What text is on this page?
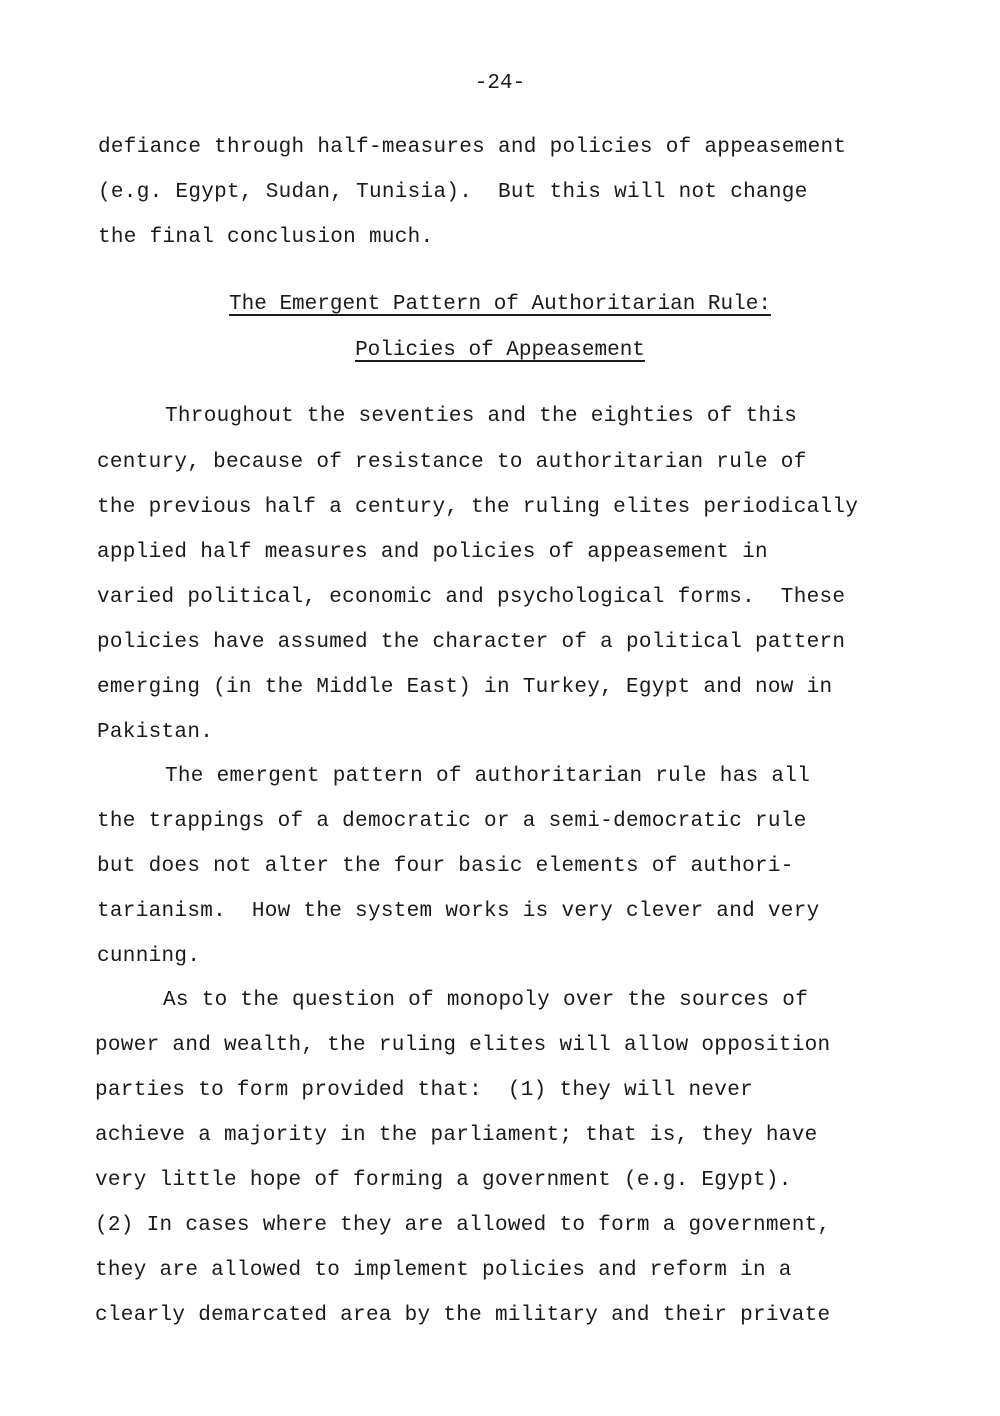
-24-
defiance through half-measures and policies of appeasement
(e.g. Egypt, Sudan, Tunisia).  But this will not change
the final conclusion much.
The Emergent Pattern of Authoritarian Rule:
Policies of Appeasement
Throughout the seventies and the eighties of this
century, because of resistance to authoritarian rule of
the previous half a century, the ruling elites periodically
applied half measures and policies of appeasement in
varied political, economic and psychological forms.  These
policies have assumed the character of a political pattern
emerging (in the Middle East) in Turkey, Egypt and now in
Pakistan.
The emergent pattern of authoritarian rule has all
the trappings of a democratic or a semi-democratic rule
but does not alter the four basic elements of authori-
tarianism.  How the system works is very clever and very
cunning.
As to the question of monopoly over the sources of
power and wealth, the ruling elites will allow opposition
parties to form provided that:  (1) they will never
achieve a majority in the parliament; that is, they have
very little hope of forming a government (e.g. Egypt).
(2) In cases where they are allowed to form a government,
they are allowed to implement policies and reform in a
clearly demarcated area by the military and their private
